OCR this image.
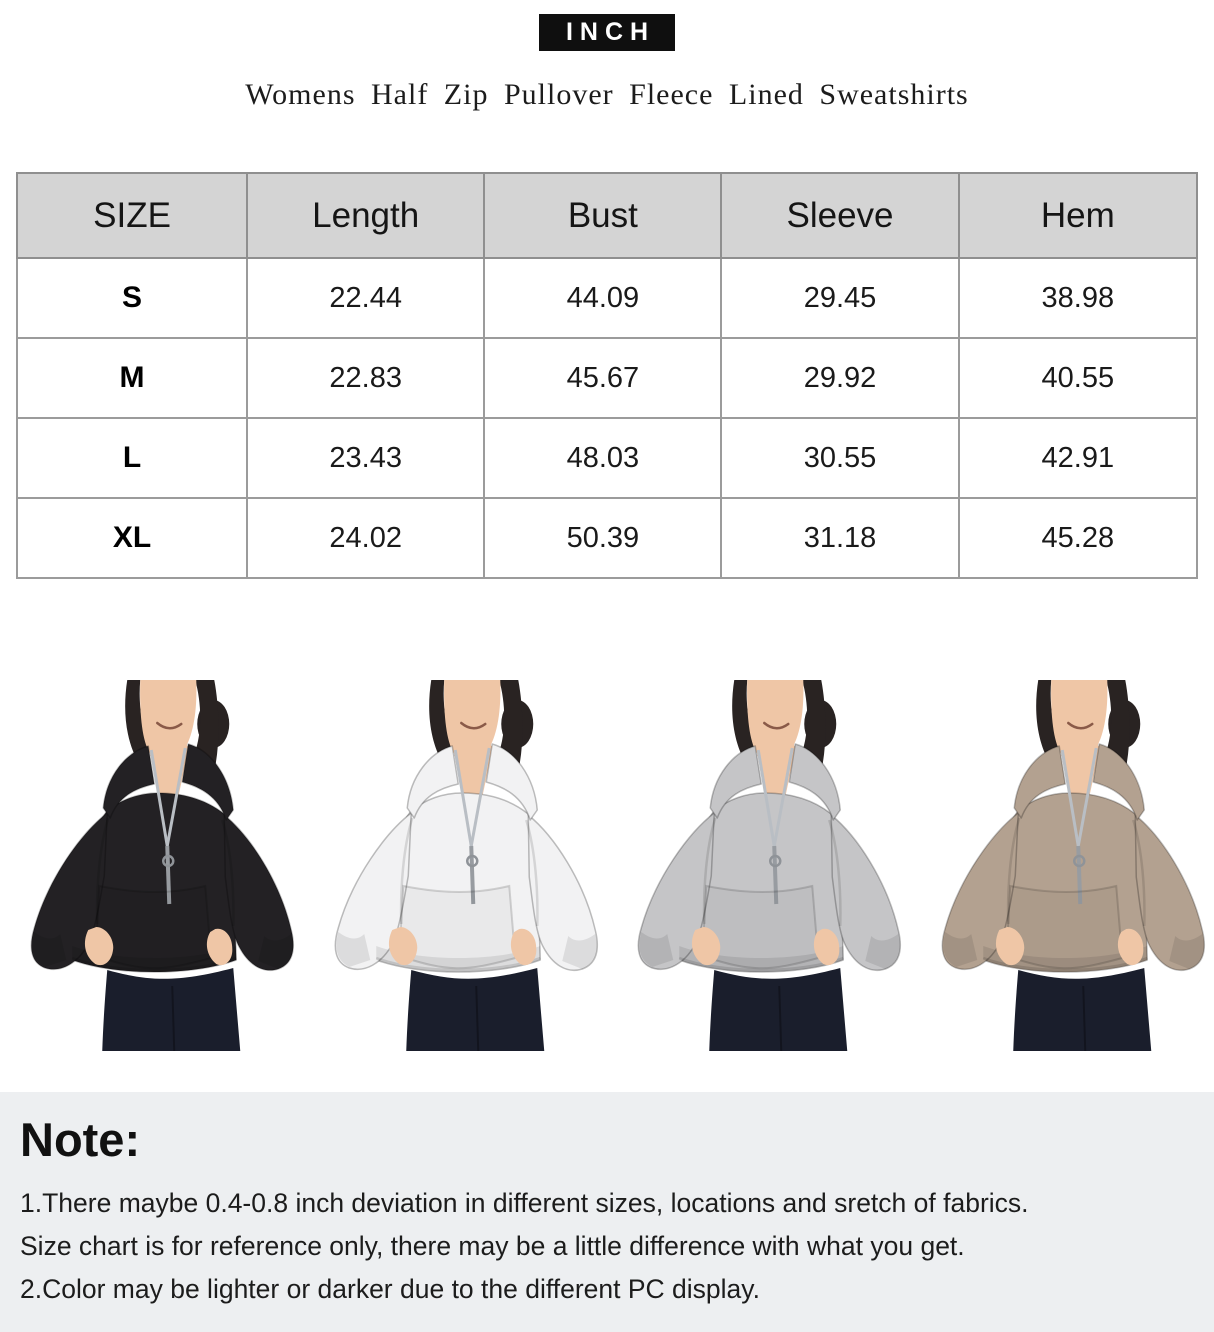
INCH
Womens Half Zip Pullover Fleece Lined Sweatshirts
SIZE	Length	Bust	Sleeve	Hem
S	22.44	44.09	29.45	38.98
M	22.83	45.67	29.92	40.55
L	23.43	48.03	30.55	42.91
XL	24.02	50.39	31.18	45.28
Note:
1.There maybe 0.4-0.8 inch deviation in different sizes, locations and sretch of fabrics.
Size chart is for reference only, there may be a little difference with what you get.
2.Color may be lighter or darker due to the different PC display.
